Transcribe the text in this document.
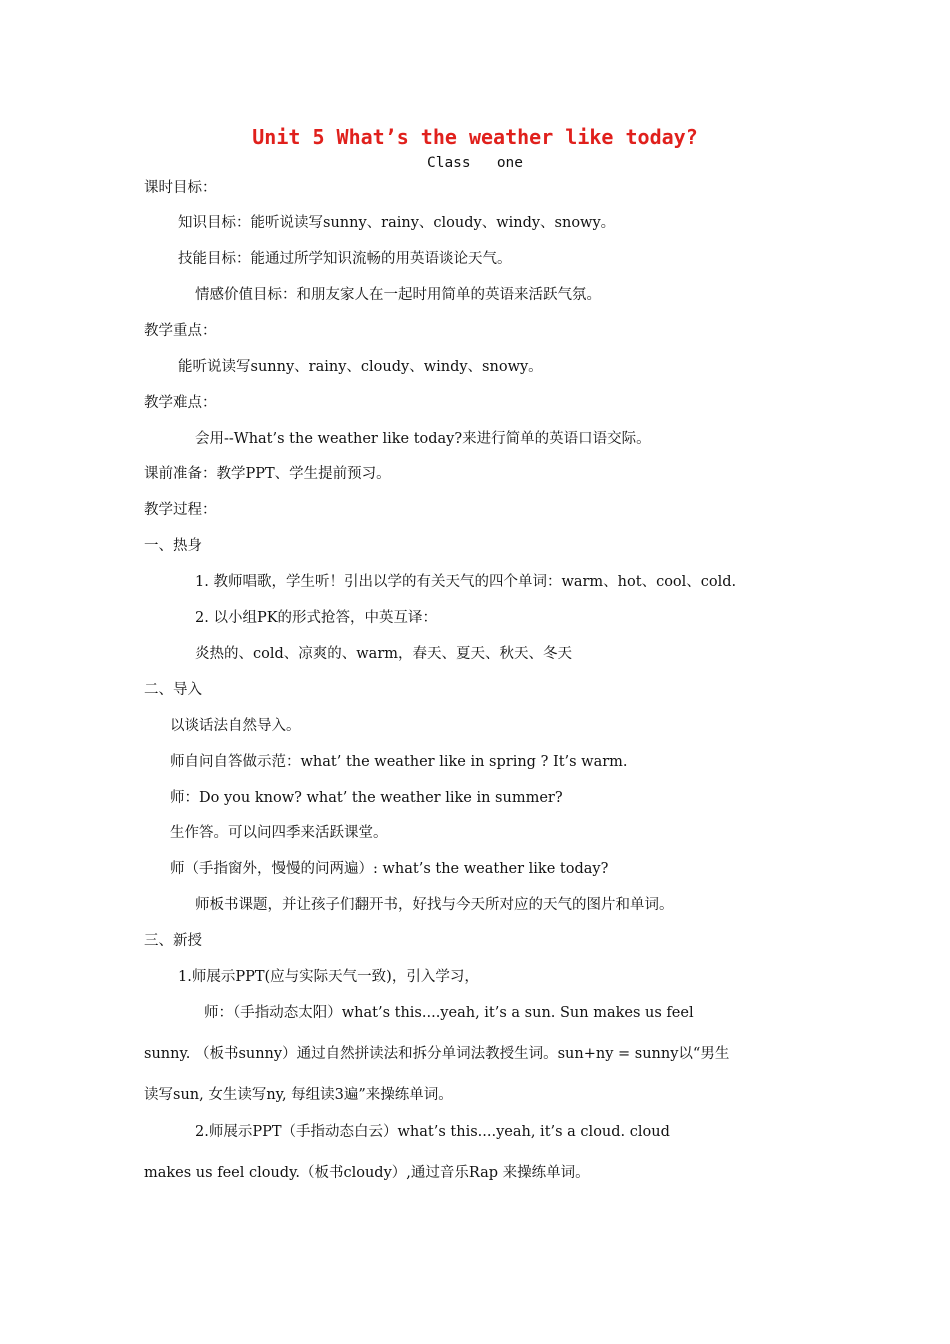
Unit 5 What’s the weather like today?
Class   one
课时目标：
知识目标：能听说读写sunny、rainy、cloudy、windy、snowy。
技能目标：能通过所学知识流畅的用英语谈论天气。
情感价值目标：和朋友家人在一起时用简单的英语来活跃气氛。
教学重点：
能听说读写sunny、rainy、cloudy、windy、snowy。
教学难点：
会用--What’s the weather like today?来进行简单的英语口语交际。
课前准备：教学PPT、学生提前预习。
教学过程：
一、热身
1. 教师唱歌，学生听！引出以学的有关天气的四个单词：warm、hot、cool、cold.
2. 以小组PK的形式抢答，中英互译：
炎热的、cold、凉爽的、warm，春天、夏天、秋天、冬天
二、导入
以谈话法自然导入。
师自问自答做示范：what’ the weather like in spring ? It’s warm.
师：Do you know? what’ the weather like in summer?
生作答。可以问四季来活跃课堂。
师（手指窗外，慢慢的问两遍）: what’s the weather like today?
师板书课题，并让孩子们翻开书，好找与今天所对应的天气的图片和单词。
三、新授
1.师展示PPT(应与实际天气一致)，引入学习，
师：（手指动态太阳）what’s this....yeah, it’s a sun. Sun makes us feel
sunny. （板书sunny）通过自然拼读法和拆分单词法教授生词。sun+ny = sunny以“男生
读写sun, 女生读写ny, 每组读3遍”来操练单词。
2.师展示PPT（手指动态白云）what’s this....yeah, it’s a cloud. cloud
makes us feel cloudy.（板书cloudy）,通过音乐Rap 来操练单词。
